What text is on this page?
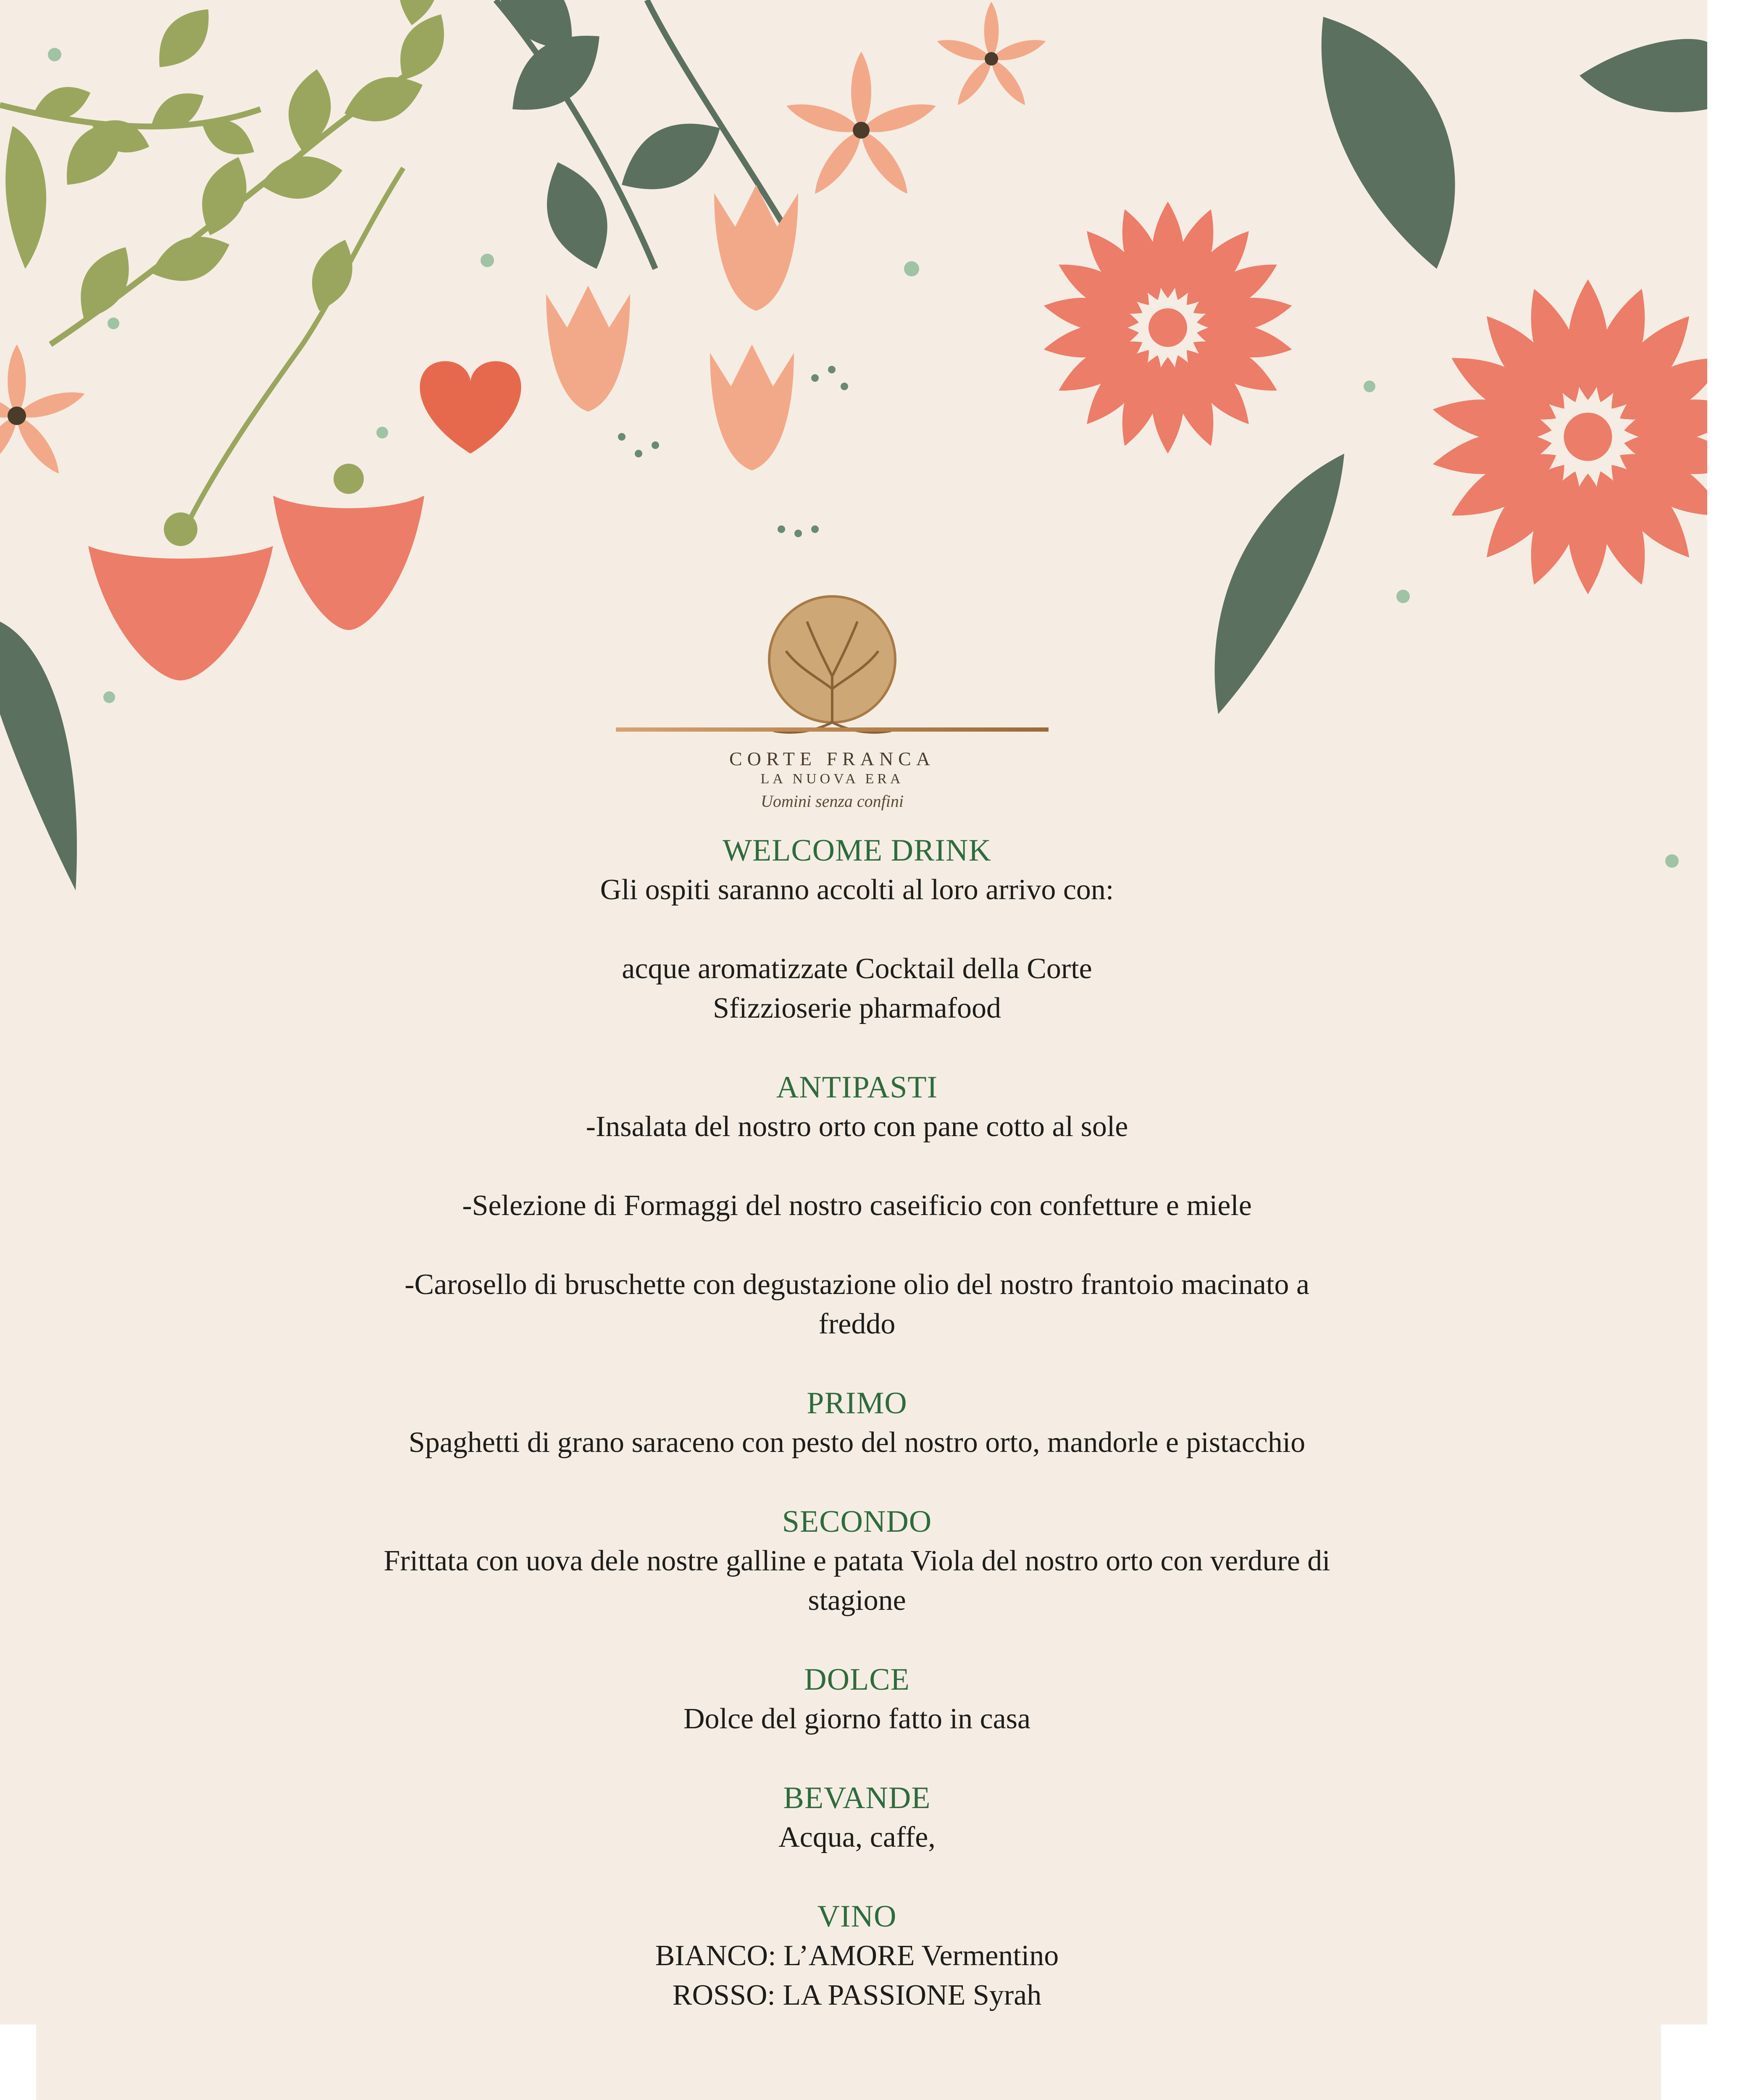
CORTE FRANCA
LA NUOVA ERA
Uomini senza confini
WELCOME DRINK
Gli ospiti saranno accolti al loro arrivo con:
acque aromatizzate Cocktail della Corte
Sfizzioserie pharmafood
ANTIPASTI
-Insalata del nostro orto con pane cotto al sole
-Selezione di Formaggi del nostro caseificio con confetture e miele
-Carosello di bruschette con degustazione olio del nostro frantoio macinato a
freddo
PRIMO
Spaghetti di grano saraceno con pesto del nostro orto, mandorle e pistacchio
SECONDO
Frittata con uova dele nostre galline e patata Viola del nostro orto con verdure di
stagione
DOLCE
Dolce del giorno fatto in casa
BEVANDE
Acqua, caffe,
VINO
BIANCO: L’AMORE Vermentino
ROSSO: LA PASSIONE Syrah
